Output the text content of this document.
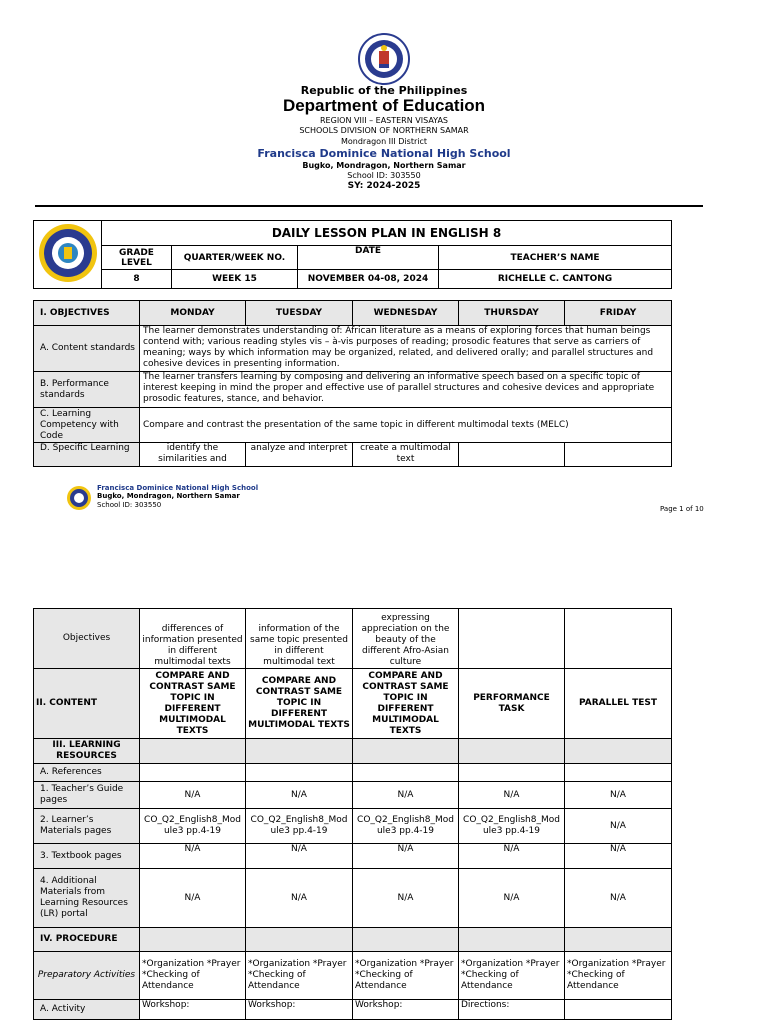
Republic of the Philippines
Department of Education
REGION VIII – EASTERN VISAYAS
SCHOOLS DIVISION OF NORTHERN SAMAR
Mondragon III District
Francisca Dominice National High School
Bugko, Mondragon, Northern Samar
School ID: 303550
SY: 2024-2025
	DAILY LESSON PLAN IN ENGLISH 8			
	GRADE LEVEL	QUARTER/WEEK NO.	DATE	TEACHER’S NAME
	8	WEEK 15	NOVEMBER 04-08, 2024	RICHELLE C. CANTONG
I. OBJECTIVES	MONDAY	TUESDAY	WEDNESDAY	THURSDAY	FRIDAY
A. Content standards	The learner demonstrates understanding of: African literature as a means of exploring forces that human beings contend with; various reading styles vis – à-vis purposes of reading; prosodic features that serve as carriers of meaning; ways by which information may be organized, related, and delivered orally; and parallel structures and cohesive devices in presenting information.				
B. Performance standards	The learner transfers learning by composing and delivering an informative speech based on a specific topic of interest keeping in mind the proper and effective use of parallel structures and cohesive devices and appropriate prosodic features, stance, and behavior.				
C. Learning Competency with Code	Compare and contrast the presentation of the same topic in different multimodal texts (MELC)				
D. Specific Learning	identify the similarities and	analyze and interpret	create a multimodal text		
Francisca Dominice National High School
Bugko, Mondragon, Northern Samar
School ID: 303550	Page 1 of 10
Objectives	differences of information presented in different multimodal texts	information of the same topic presented in different multimodal text	expressing appreciation on the beauty of the different Afro-Asian culture		
II. CONTENT	COMPARE AND CONTRAST SAME TOPIC IN DIFFERENT MULTIMODAL TEXTS	COMPARE AND CONTRAST SAME TOPIC IN DIFFERENT MULTIMODAL TEXTS	COMPARE AND CONTRAST SAME TOPIC IN DIFFERENT MULTIMODAL TEXTS	PERFORMANCE TASK	PARALLEL TEST
III. LEARNING RESOURCES					
A. References					
1. Teacher’s Guide pages	N/A	N/A	N/A	N/A	N/A
2. Learner’s Materials pages	CO_Q2_English8_Module3 pp.4-19	CO_Q2_English8_Module3 pp.4-19	CO_Q2_English8_Module3 pp.4-19	CO_Q2_English8_Module3 pp.4-19	N/A
3. Textbook pages	N/A	N/A	N/A	N/A	N/A
4. Additional Materials from Learning Resources (LR) portal	N/A	N/A	N/A	N/A	N/A
IV. PROCEDURE					
Preparatory Activities	*Organization *Prayer *Checking of Attendance	*Organization *Prayer *Checking of Attendance	*Organization *Prayer *Checking of Attendance	*Organization *Prayer *Checking of Attendance	*Organization *Prayer *Checking of Attendance
A. Activity	Workshop:	Workshop:	Workshop:	Directions:	
